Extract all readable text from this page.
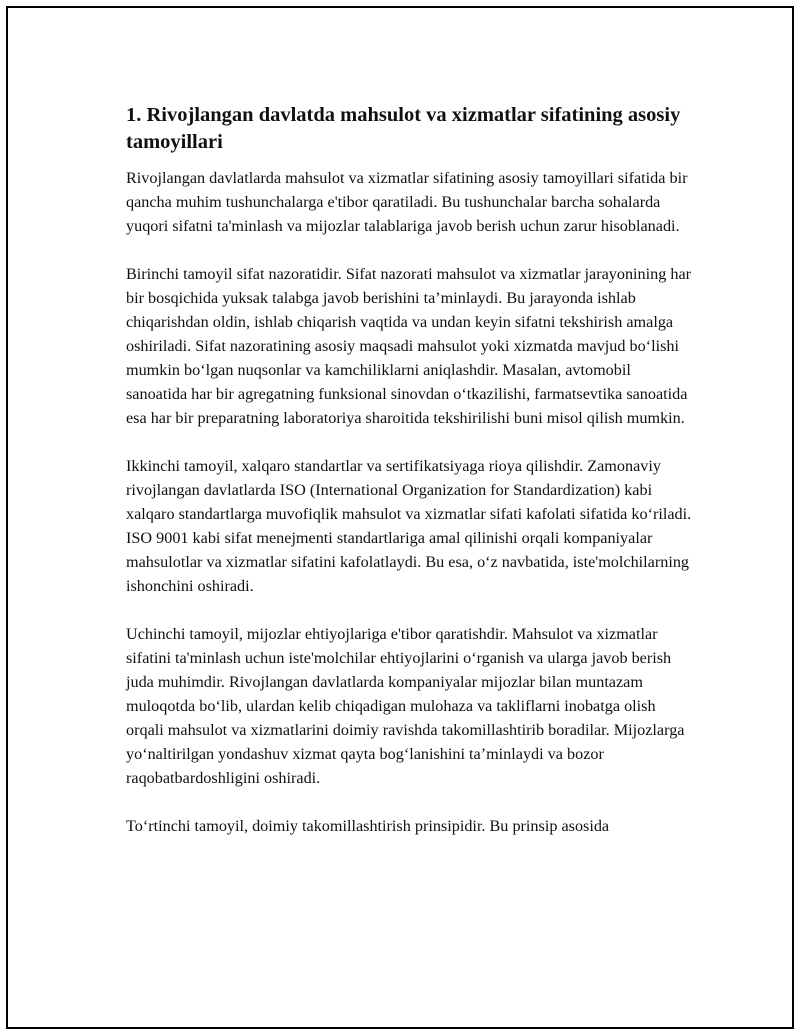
1. Rivojlangan davlatda mahsulot va xizmatlar sifatining asosiy tamoyillari

Rivojlangan davlatlarda mahsulot va xizmatlar sifatining asosiy tamoyillari sifatida bir qancha muhim tushunchalarga e'tibor qaratiladi. Bu tushunchalar barcha sohalarda yuqori sifatni ta'minlash va mijozlar talablariga javob berish uchun zarur hisoblanadi.

Birinchi tamoyil sifat nazoratidir. Sifat nazorati mahsulot va xizmatlar jarayonining har bir bosqichida yuksak talabga javob berishini ta’minlaydi. Bu jarayonda ishlab chiqarishdan oldin, ishlab chiqarish vaqtida va undan keyin sifatni tekshirish amalga oshiriladi. Sifat nazoratining asosiy maqsadi mahsulot yoki xizmatda mavjud boʻlishi mumkin boʻlgan nuqsonlar va kamchiliklarni aniqlashdir. Masalan, avtomobil sanoatida har bir agregatning funksional sinovdan oʻtkazilishi, farmatsevtika sanoatida esa har bir preparatning laboratoriya sharoitida tekshirilishi buni misol qilish mumkin.

Ikkinchi tamoyil, xalqaro standartlar va sertifikatsiyaga rioya qilishdir. Zamonaviy rivojlangan davlatlarda ISO (International Organization for Standardization) kabi xalqaro standartlarga muvofiqlik mahsulot va xizmatlar sifati kafolati sifatida koʻriladi. ISO 9001 kabi sifat menejmenti standartlariga amal qilinishi orqali kompaniyalar mahsulotlar va xizmatlar sifatini kafolatlaydi. Bu esa, oʻz navbatida, iste'molchilarning ishonchini oshiradi.

Uchinchi tamoyil, mijozlar ehtiyojlariga e'tibor qaratishdir. Mahsulot va xizmatlar sifatini ta'minlash uchun iste'molchilar ehtiyojlarini oʻrganish va ularga javob berish juda muhimdir. Rivojlangan davlatlarda kompaniyalar mijozlar bilan muntazam muloqotda boʻlib, ulardan kelib chiqadigan mulohaza va takliflarni inobatga olish orqali mahsulot va xizmatlarini doimiy ravishda takomillashtirib boradilar. Mijozlarga yoʻnaltirilgan yondashuv xizmat qayta bogʻlanishini ta’minlaydi va bozor raqobatbardoshligini oshiradi.

Toʻrtinchi tamoyil, doimiy takomillashtirish prinsipidir. Bu prinsip asosida
